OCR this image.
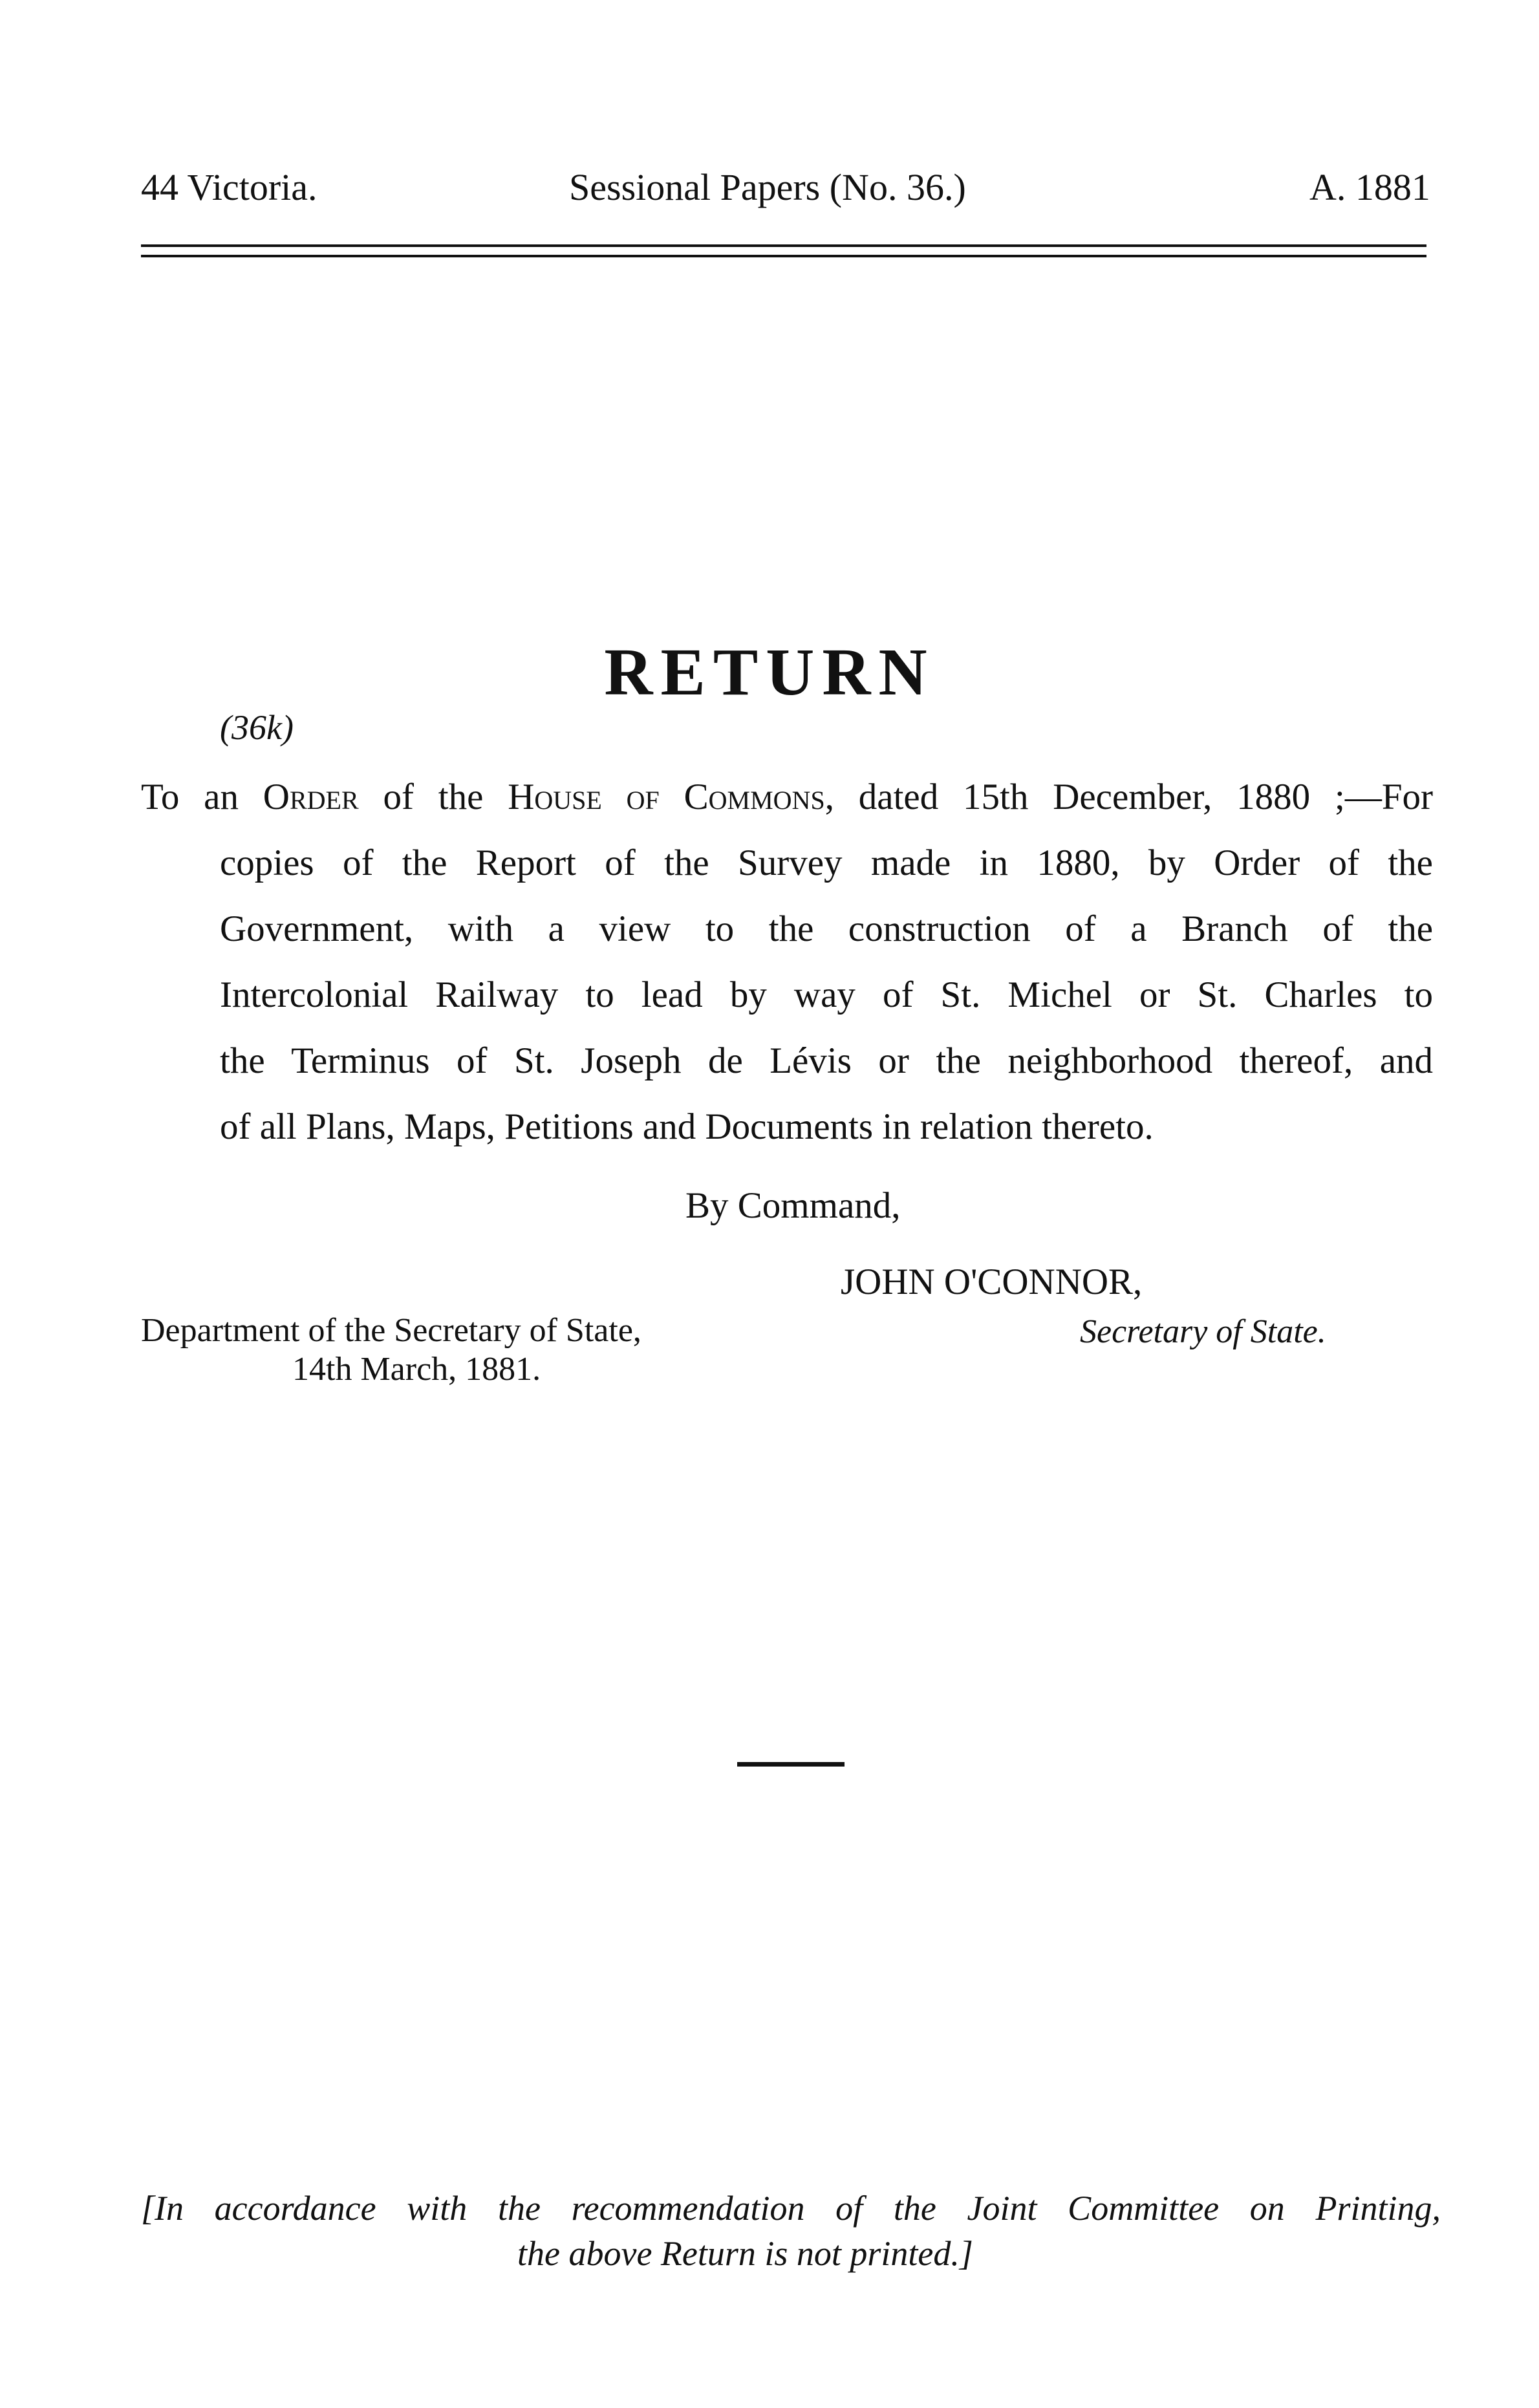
44 Victoria.	Sessional Papers (No. 36.)	A. 1881
RETURN
(36k)
To an Order of the House of Commons, dated 15th December, 1880 ;—For
copies of the Report of the Survey made in 1880, by Order of the
Government, with a view to the construction of a Branch of the
Intercolonial Railway to lead by way of St. Michel or St. Charles to
the Terminus of St. Joseph de Lévis or the neighborhood thereof, and
of all Plans, Maps, Petitions and Documents in relation thereto.
By Command,
JOHN O'CONNOR,
Department of the Secretary of State,
14th March, 1881.
Secretary of State.
[In accordance with the recommendation of the Joint Committee on Printing,
the above Return is not printed.]
